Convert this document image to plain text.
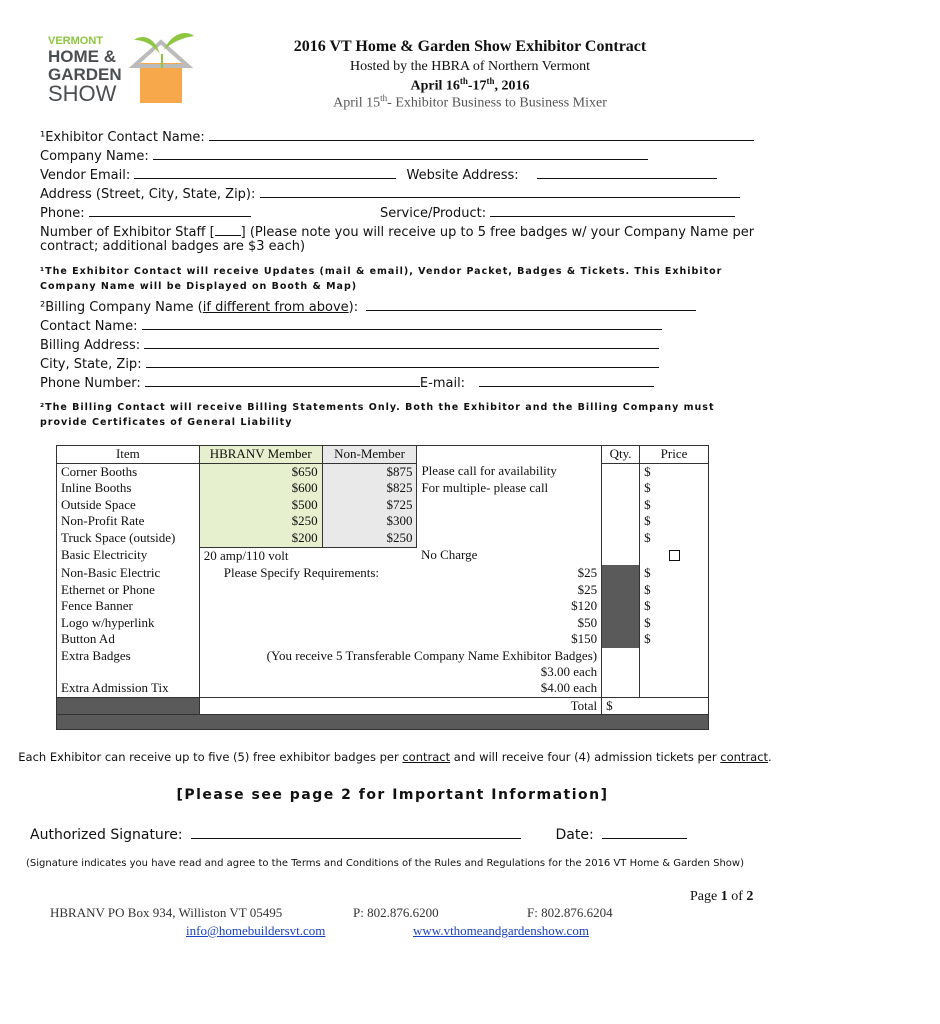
VERMONT
HOME &
GARDEN
SHOW
2016 VT Home & Garden Show Exhibitor Contract
Hosted by the HBRA of Northern Vermont
April 16th-17th, 2016
April 15th- Exhibitor Business to Business Mixer
¹Exhibitor Contact Name:
Company Name:
Vendor Email:	Website Address:
Address (Street, City, State, Zip):
Phone:	Service/Product:
Number of Exhibitor Staff [ ] (Please note you will receive up to 5 free badges w/ your Company Name per
contract; additional badges are $3 each)
¹The Exhibitor Contact will receive Updates (mail & email), Vendor Packet, Badges & Tickets. This Exhibitor Company Name will be Displayed on Booth & Map)
²Billing Company Name (if different from above):
Contact Name:
Billing Address:
City, State, Zip:
Phone Number:	E-mail:
²The Billing Contact will receive Billing Statements Only. Both the Exhibitor and the Billing Company must provide Certificates of General Liability
Item	HBRANV Member	Non-Member		Qty.	Price
Corner Booths	$650	$875	Please call for availability		$
Inline Booths	$600	$825	For multiple- please call		$
Outside Space	$500	$725			$
Non-Profit Rate	$250	$300			$
Truck Space (outside)	$200	$250			$
Basic Electricity	20 amp/110 volt		No Charge		
Non-Basic Electric	Please Specify Requirements: $25				$
Ethernet or Phone	$25				$
Fence Banner	$120				$
Logo w/hyperlink	$50				$
Button Ad	$150				$
Extra Badges	(You receive 5 Transferable Company Name Exhibitor Badges)
$3.00 each				

Extra Admission Tix	$4.00 each				
	Total			$	

Each Exhibitor can receive up to five (5) free exhibitor badges per contract and will receive four (4) admission tickets per contract.
[Please see page 2 for Important Information]
Authorized Signature:	Date:
(Signature indicates you have read and agree to the Terms and Conditions of the Rules and Regulations for the 2016 VT Home & Garden Show)
Page 1 of 2
HBRANV PO Box 934, Williston VT 05495	P: 802.876.6200	F: 802.876.6204
info@homebuildersvt.com	www.vthomeandgardenshow.com
